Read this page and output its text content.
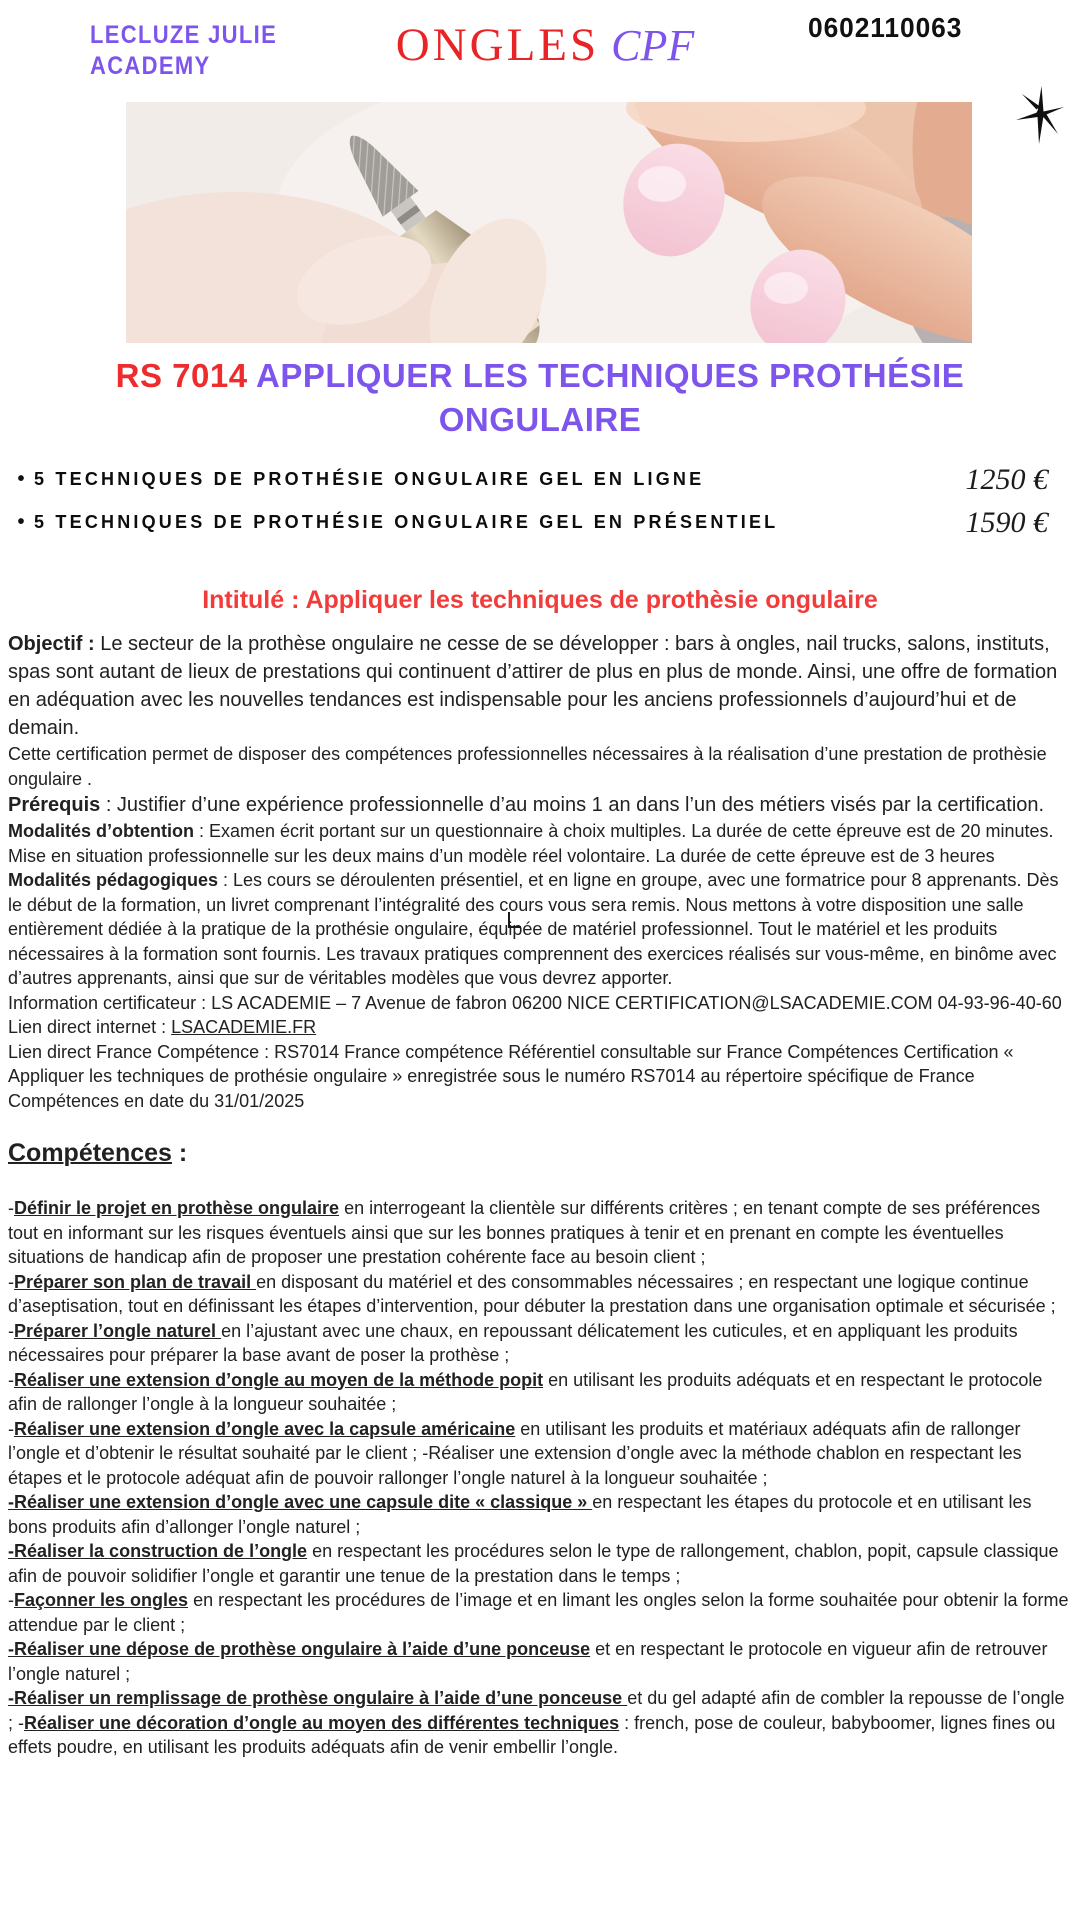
LECLUZE JULIE
ACADEMY	ONGLES CPF	0602110063
RS 7014 APPLIQUER LES TECHNIQUES PROTHÉSIE
ONGULAIRE
• 5 TECHNIQUES DE PROTHÉSIE ONGULAIRE GEL EN LIGNE	1250 €
• 5 TECHNIQUES DE PROTHÉSIE ONGULAIRE GEL EN PRÉSENTIEL	1590 €
Intitulé : Appliquer les techniques de prothèsie ongulaire

Objectif : Le secteur de la prothèse ongulaire ne cesse de se développer : bars à ongles, nail trucks, salons, instituts, spas sont autant de lieux de prestations qui continuent d’attirer de plus en plus de monde. Ainsi, une offre de formation en adéquation avec les nouvelles tendances est indispensable pour les anciens professionnels d’aujourd’hui et de demain.

Cette certification permet de disposer des compétences professionnelles nécessaires à la réalisation d’une prestation de prothèsie ongulaire .

Prérequis : Justifier d’une expérience professionnelle d’au moins 1 an dans l’un des métiers visés par la certification.

Modalités d’obtention : Examen écrit portant sur un questionnaire à choix multiples. La durée de cette épreuve est de 20 minutes. Mise en situation professionnelle sur les deux mains d’un modèle réel volontaire. La durée de cette épreuve est de 3 heures

Modalités pédagogiques : Les cours se déroulenten présentiel, et en ligne en groupe, avec une formatrice pour 8 apprenants. Dès le début de la formation, un livret comprenant l’intégralité des cours vous sera remis. Nous mettons à votre disposition une salle entièrement dédiée à la pratique de la prothésie ongulaire, équipée de matériel professionnel. Tout le matériel et les produits nécessaires à la formation sont fournis. Les travaux pratiques comprennent des exercices réalisés sur vous-même, en binôme avec d’autres apprenants, ainsi que sur de véritables modèles que vous devrez apporter.

Information certificateur : LS ACADEMIE – 7 Avenue de fabron 06200 NICE CERTIFICATION@LSACADEMIE.COM 04-93-96-40-60

Lien direct internet : LSACADEMIE.FR

Lien direct France Compétence : RS7014 France compétence Référentiel consultable sur France Compétences Certification « Appliquer les techniques de prothésie ongulaire » enregistrée sous le numéro RS7014 au répertoire spécifique de France Compétences en date du 31/01/2025

Compétences :

-Définir le projet en prothèse ongulaire en interrogeant la clientèle sur différents critères ; en tenant compte de ses préférences tout en informant sur les risques éventuels ainsi que sur les bonnes pratiques à tenir et en prenant en compte les éventuelles situations de handicap afin de proposer une prestation cohérente face au besoin client ;

-Préparer son plan de travail en disposant du matériel et des consommables nécessaires ; en respectant une logique continue d’aseptisation, tout en définissant les étapes d’intervention, pour débuter la prestation dans une organisation optimale et sécurisée ;

-Préparer l’ongle naturel en l’ajustant avec une chaux, en repoussant délicatement les cuticules, et en appliquant les produits nécessaires pour préparer la base avant de poser la prothèse ;

-Réaliser une extension d’ongle au moyen de la méthode popit en utilisant les produits adéquats et en respectant le protocole afin de rallonger l’ongle à la longueur souhaitée ;

-Réaliser une extension d’ongle avec la capsule américaine en utilisant les produits et matériaux adéquats afin de rallonger l’ongle et d’obtenir le résultat souhaité par le client ; -Réaliser une extension d’ongle avec la méthode chablon en respectant les étapes et le protocole adéquat afin de pouvoir rallonger l’ongle naturel à la longueur souhaitée ;

-Réaliser une extension d’ongle avec une capsule dite « classique » en respectant les étapes du protocole et en utilisant les bons produits afin d’allonger l’ongle naturel ;

-Réaliser la construction de l’ongle en respectant les procédures selon le type de rallongement, chablon, popit, capsule classique afin de pouvoir solidifier l’ongle et garantir une tenue de la prestation dans le temps ;

-Façonner les ongles en respectant les procédures de l’image et en limant les ongles selon la forme souhaitée pour obtenir la forme attendue par le client ;

-Réaliser une dépose de prothèse ongulaire à l’aide d’une ponceuse et en respectant le protocole en vigueur afin de retrouver l’ongle naturel ;

-Réaliser un remplissage de prothèse ongulaire à l’aide d’une ponceuse et du gel adapté afin de combler la repousse de l’ongle ; -Réaliser une décoration d’ongle au moyen des différentes techniques : french, pose de couleur, babyboomer, lignes fines ou effets poudre, en utilisant les produits adéquats afin de venir embellir l’ongle.
